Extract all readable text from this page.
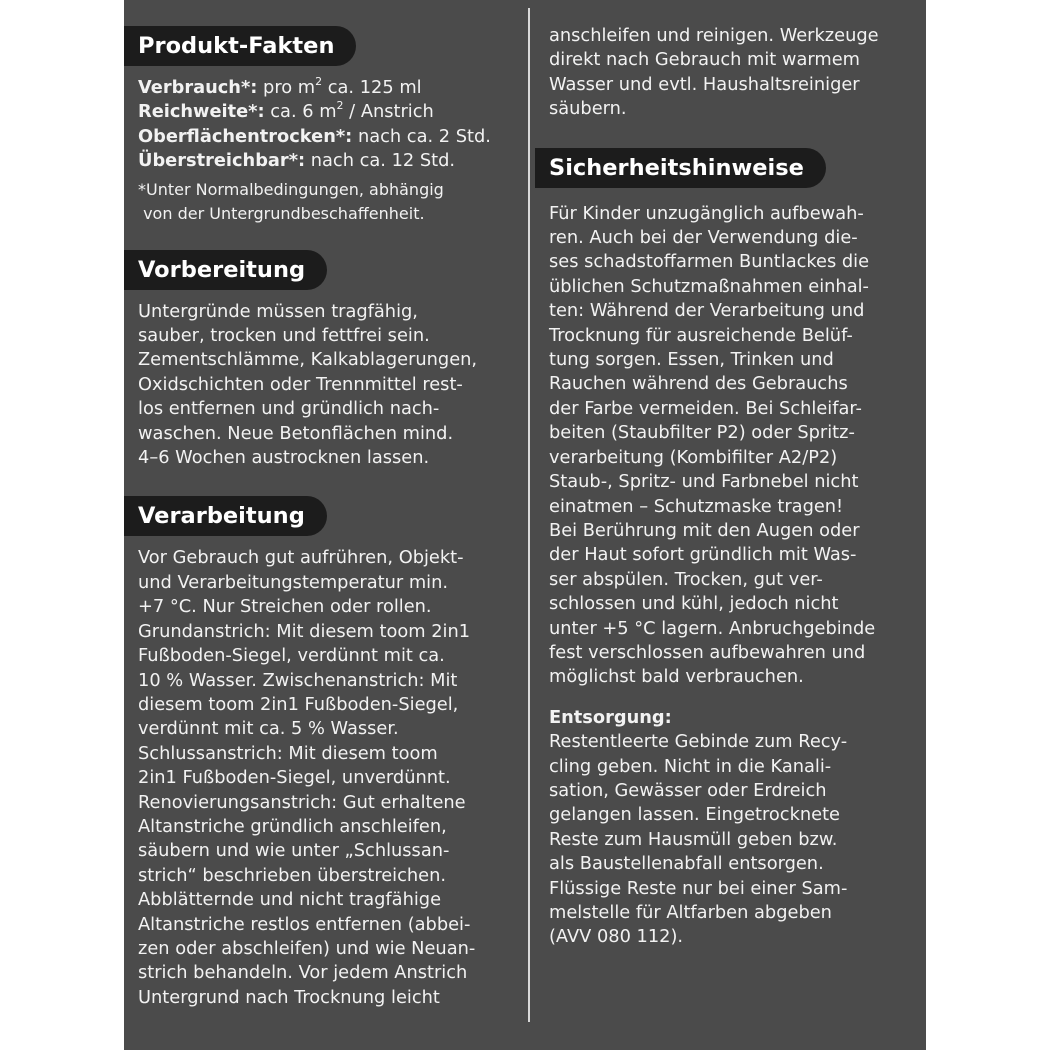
Produkt-Fakten
Verbrauch*: pro $m^2$ ca. 125 ml
Reichweite*: ca. 6 $m^2$ / Anstrich
Oberflächentrocken*: nach ca. 2 Std.
Überstreichbar*: nach ca. 12 Std.
*Unter Normalbedingungen, abhängig
von der Untergrundbeschaffenheit.
Vorbereitung

Untergründe müssen tragfähig,
sauber, trocken und fettfrei sein.
Zementschlämme, Kalkablagerungen,
Oxidschichten oder Trennmittel rest-
los entfernen und gründlich nach-
waschen. Neue Betonflächen mind.
4–6 Wochen austrocknen lassen.

Verarbeitung

Vor Gebrauch gut aufrühren, Objekt-
und Verarbeitungstemperatur min.
+7 °C. Nur Streichen oder rollen.
Grundanstrich: Mit diesem toom 2in1
Fußboden-Siegel, verdünnt mit ca.
10 % Wasser. Zwischenanstrich: Mit
diesem toom 2in1 Fußboden-Siegel,
verdünnt mit ca. 5 % Wasser.
Schlussanstrich: Mit diesem toom
2in1 Fußboden-Siegel, unverdünnt.
Renovierungsanstrich: Gut erhaltene
Altanstriche gründlich anschleifen,
säubern und wie unter „Schlussan-
strich“ beschrieben überstreichen.
Abblätternde und nicht tragfähige
Altanstriche restlos entfernen (abbei-
zen oder abschleifen) und wie Neuan-
strich behandeln. Vor jedem Anstrich
Untergrund nach Trocknung leicht

anschleifen und reinigen. Werkzeuge
direkt nach Gebrauch mit warmem
Wasser und evtl. Haushaltsreiniger
säubern.

Sicherheitshinweise

Für Kinder unzugänglich aufbewah-
ren. Auch bei der Verwendung die-
ses schadstoffarmen Buntlackes die
üblichen Schutzmaßnahmen einhal-
ten: Während der Verarbeitung und
Trocknung für ausreichende Belüf-
tung sorgen. Essen, Trinken und
Rauchen während des Gebrauchs
der Farbe vermeiden. Bei Schleifar-
beiten (Staubfilter P2) oder Spritz-
verarbeitung (Kombifilter A2/P2)
Staub-, Spritz- und Farbnebel nicht
einatmen – Schutzmaske tragen!
Bei Berührung mit den Augen oder
der Haut sofort gründlich mit Was-
ser abspülen. Trocken, gut ver-
schlossen und kühl, jedoch nicht
unter +5 °C lagern. Anbruchgebinde
fest verschlossen aufbewahren und
möglichst bald verbrauchen.

Entsorgung:
Restentleerte Gebinde zum Recy-
cling geben. Nicht in die Kanali-
sation, Gewässer oder Erdreich
gelangen lassen. Eingetrocknete
Reste zum Hausmüll geben bzw.
als Baustellenabfall entsorgen.
Flüssige Reste nur bei einer Sam-
melstelle für Altfarben abgeben
(AVV 080 112).
